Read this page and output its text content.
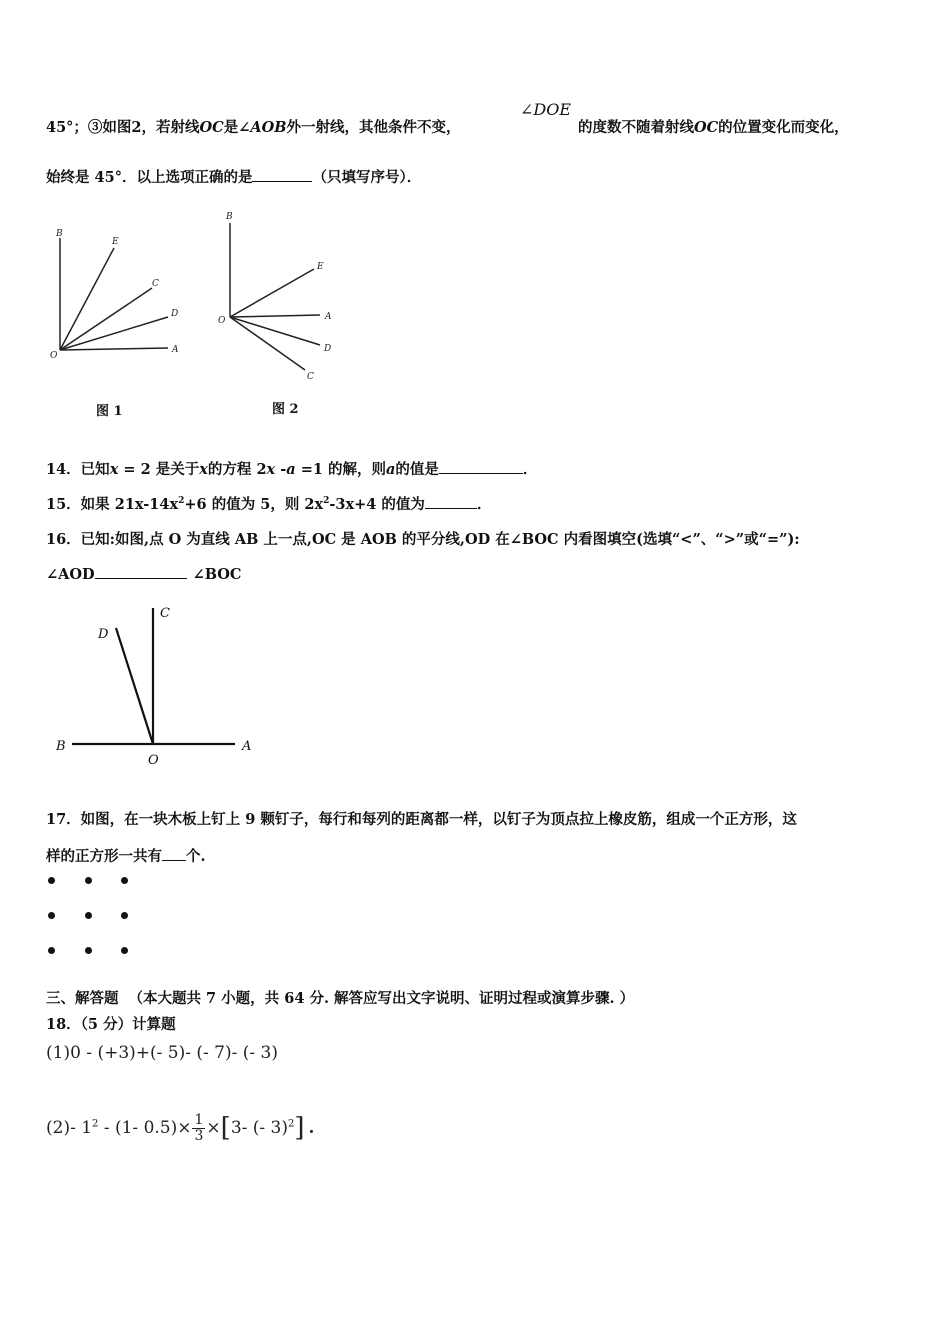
45°；③如图2，若射线OC是∠AOB外一射线，其他条件不变，
∠DOE
的度数不随着射线OC的位置变化而变化，
始终是 45°．以上选项正确的是	（只填写序号）．
B
E
C
D
O
A
图 1
B
E
O	A
D
C
图 2
14．已知x = 2 是关于x的方程 2x -a =1 的解，则a的值是	．
15．如果 $21x-14x^2+6$ 的值为 5，则 $2x^2-3x+4$ 的值为	．
16．已知:如图,点 O 为直线 AB 上一点,OC 是 AOB 的平分线,OD 在∠BOC 内看图填空(选填“<”、“>”或“=”):
∠AOD	∠BOC
C
D
B	A
O
17．如图，在一块木板上钉上 9 颗钉子，每行和每列的距离都一样，以钉子为顶点拉上橡皮筋，组成一个正方形，这
样的正方形一共有 个.
三、解答题 （本大题共 7 小题，共 64 分. 解答应写出文字说明、证明过程或演算步骤. ）
18．（5 分）计算题
(1)0 - (+3)+(- 5)- (- 7)- (- 3)
(2)- $1^2 - (1-$ $0.5)\times \frac{1}{3} \times[3-$ (- 3)$^2$] .
